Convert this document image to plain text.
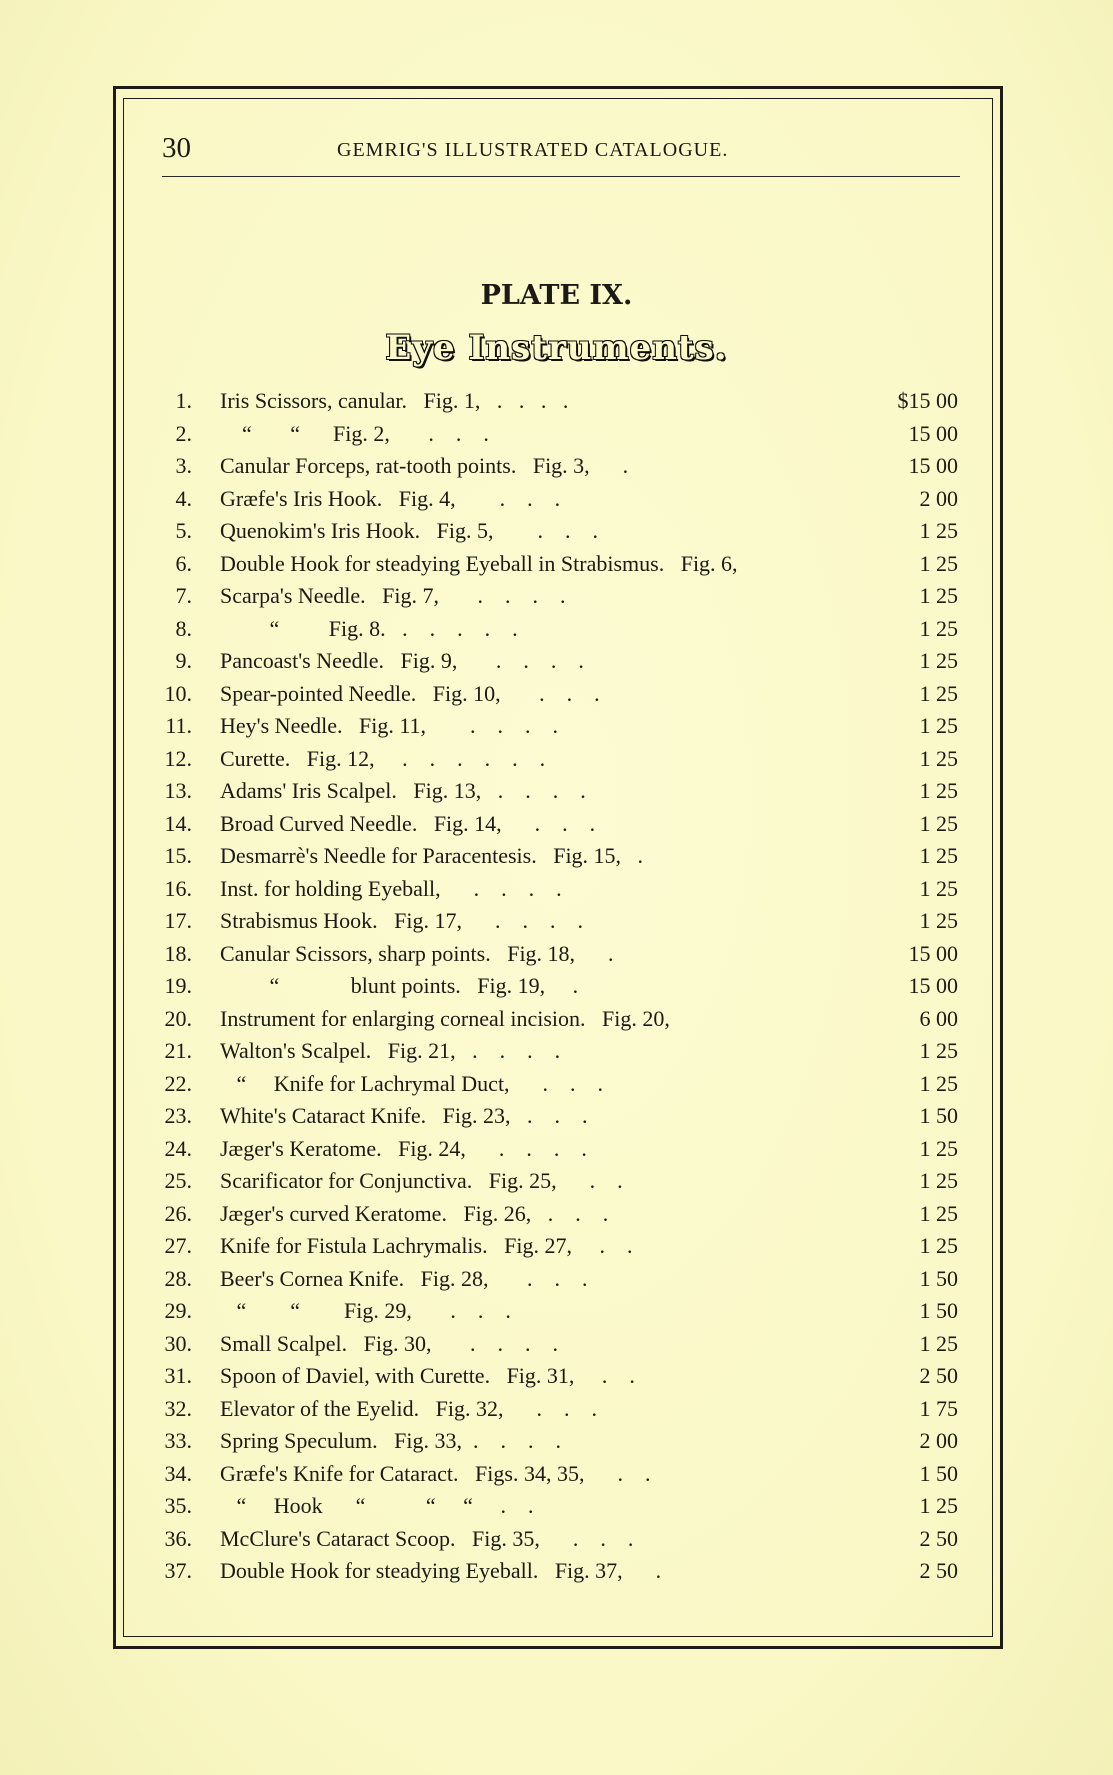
30	GEMRIG'S ILLUSTRATED CATALOGUE.
PLATE IX.
Eye Instruments.
1. Iris Scissors, canular.   Fig. 1,   .   .   .   .	$15 00
2. “       “      Fig. 2,       .    .    .	15 00
3. Canular Forceps, rat-tooth points.   Fig. 3,      .	15 00
4. Græfe's Iris Hook.   Fig. 4,        .    .    .	2 00
5. Quenokim's Iris Hook.   Fig. 5,        .    .    .	1 25
6. Double Hook for steadying Eyeball in Strabismus.   Fig. 6,	1 25
7. Scarpa's Needle.   Fig. 7,       .    .    .    .	1 25
8. “         Fig. 8.   .    .    .    .    .	1 25
9. Pancoast's Needle.   Fig. 9,       .    .    .    .	1 25
10. Spear-pointed Needle.   Fig. 10,       .    .    .	1 25
11. Hey's Needle.   Fig. 11,        .    .    .    .	1 25
12. Curette.   Fig. 12,     .    .    .    .    .    .	1 25
13. Adams' Iris Scalpel.   Fig. 13,   .    .    .    .	1 25
14. Broad Curved Needle.   Fig. 14,      .    .    .	1 25
15. Desmarrè's Needle for Paracentesis.   Fig. 15,   .	1 25
16. Inst. for holding Eyeball,      .    .    .    .	1 25
17. Strabismus Hook.   Fig. 17,      .    .    .    .	1 25
18. Canular Scissors, sharp points.   Fig. 18,      .	15 00
19. “             blunt points.   Fig. 19,     .	15 00
20. Instrument for enlarging corneal incision.   Fig. 20,	6 00
21. Walton's Scalpel.   Fig. 21,   .    .    .    .	1 25
22. “     Knife for Lachrymal Duct,      .    .    .	1 25
23. White's Cataract Knife.   Fig. 23,   .    .    .	1 50
24. Jæger's Keratome.   Fig. 24,      .    .    .    .	1 25
25. Scarificator for Conjunctiva.   Fig. 25,      .    .	1 25
26. Jæger's curved Keratome.   Fig. 26,   .    .    .	1 25
27. Knife for Fistula Lachrymalis.   Fig. 27,     .    .	1 25
28. Beer's Cornea Knife.   Fig. 28,       .    .    .	1 50
29. “        “        Fig. 29,       .    .    .	1 50
30. Small Scalpel.   Fig. 30,       .    .    .    .	1 25
31. Spoon of Daviel, with Curette.   Fig. 31,     .    .	2 50
32. Elevator of the Eyelid.   Fig. 32,      .    .    .	1 75
33. Spring Speculum.   Fig. 33,  .    .    .    .	2 00
34. Græfe's Knife for Cataract.   Figs. 34, 35,      .    .	1 50
35. “     Hook      “           “     “     .    .	1 25
36. McClure's Cataract Scoop.   Fig. 35,      .    .    .	2 50
37. Double Hook for steadying Eyeball.   Fig. 37,      .	2 50
